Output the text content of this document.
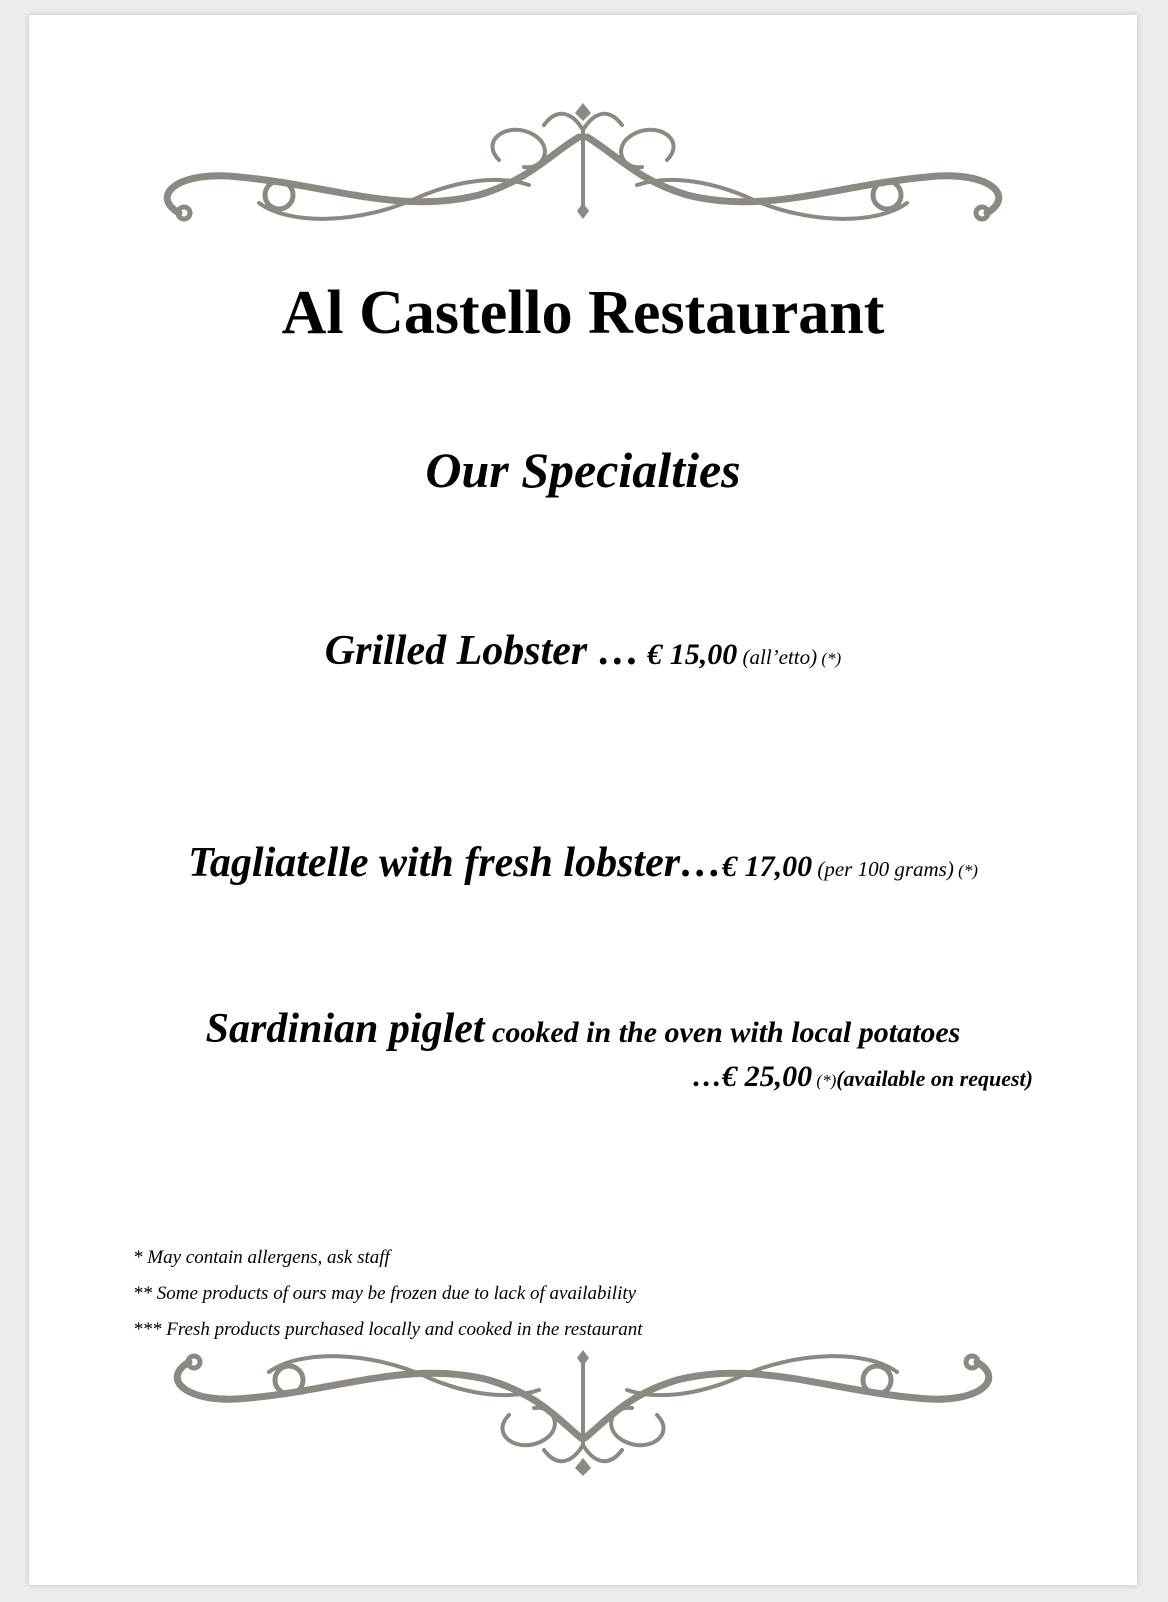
Al Castello Restaurant
Our Specialties
Grilled Lobster … € 15,00 (all’etto) (*)
Tagliatelle with fresh lobster…€ 17,00 (per 100 grams) (*)
Sardinian piglet cooked in the oven with local potatoes
…€ 25,00 (*)(available on request)
* May contain allergens, ask staff
** Some products of ours may be frozen due to lack of availability
*** Fresh products purchased locally and cooked in the restaurant
